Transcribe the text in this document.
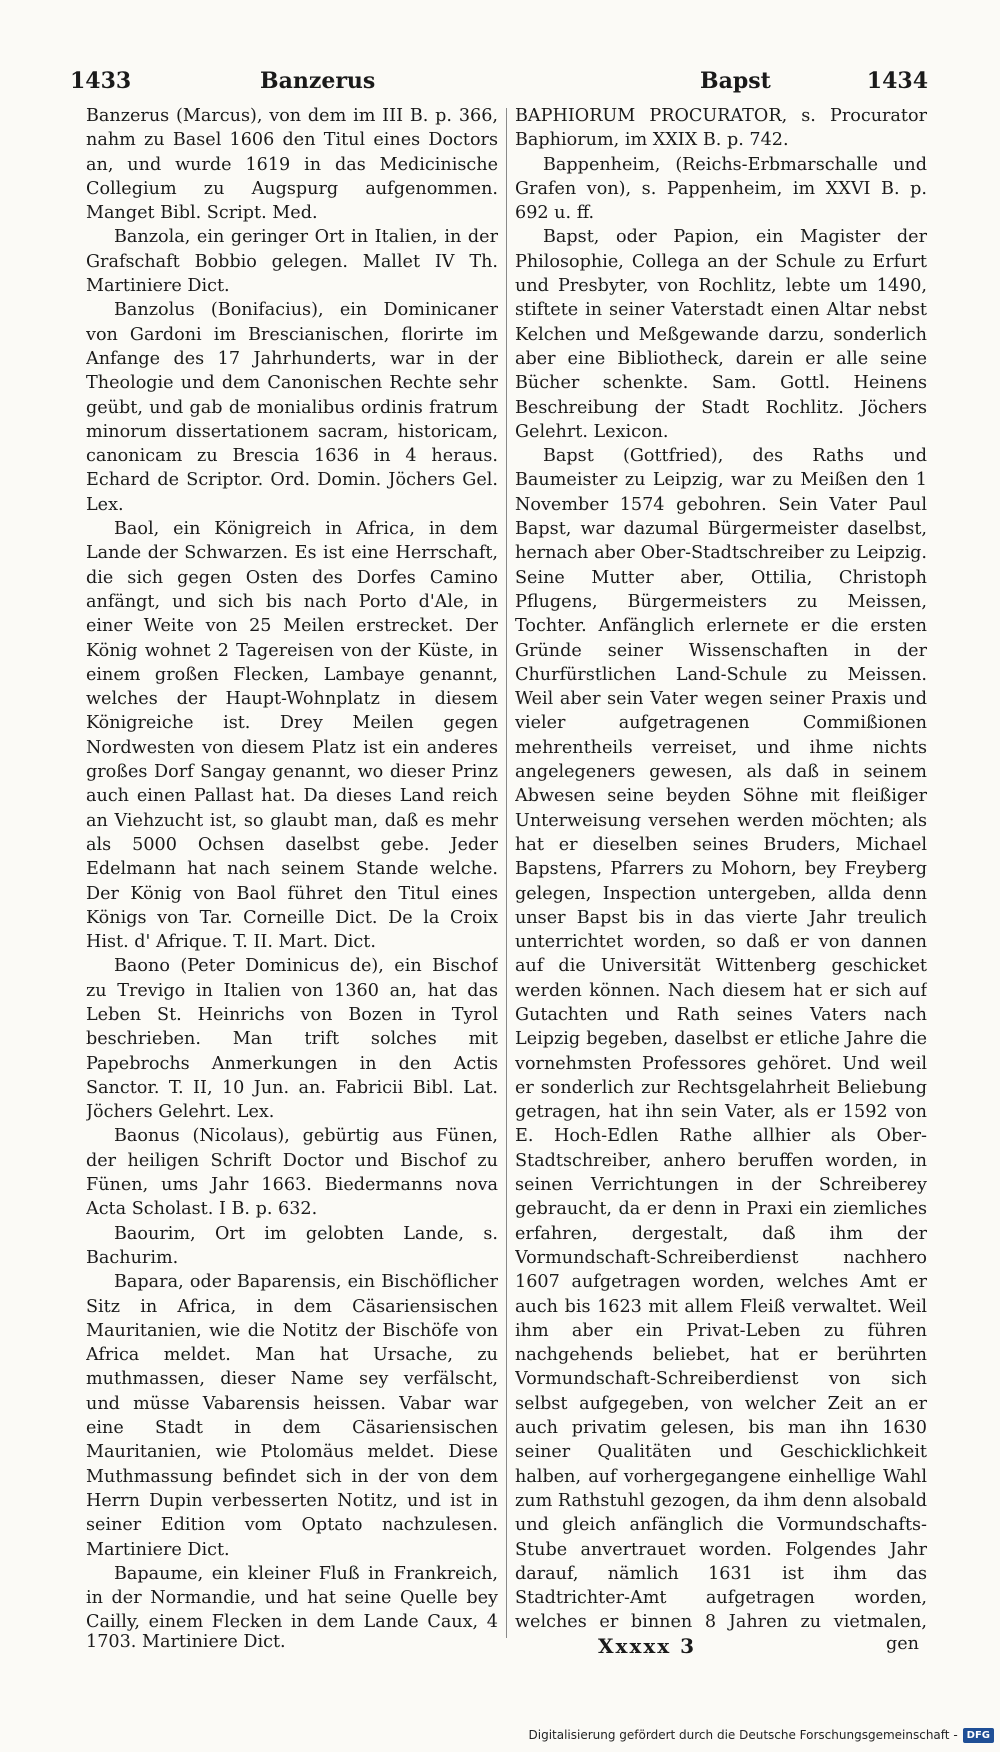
1433	Banzerus	Bapst	1434

Banzerus (Marcus), von dem im III B. p. 366, nahm zu Basel 1606 den Titul eines Doctors an, und wurde 1619 in das Medicinische Collegium zu Augspurg aufgenommen. Manget Bibl. Script. Med.

Banzola, ein geringer Ort in Italien, in der Grafschaft Bobbio gelegen. Mallet IV Th. Martiniere Dict.

Banzolus (Bonifacius), ein Dominicaner von Gardoni im Brescianischen, florirte im Anfange des 17 Jahrhunderts, war in der Theologie und dem Canonischen Rechte sehr geübt, und gab de monialibus ordinis fratrum minorum dissertationem sacram, historicam, canonicam zu Brescia 1636 in 4 heraus. Echard de Scriptor. Ord. Domin. Jöchers Gel. Lex.

Baol, ein Königreich in Africa, in dem Lande der Schwarzen. Es ist eine Herrschaft, die sich gegen Osten des Dorfes Camino anfängt, und sich bis nach Porto d'Ale, in einer Weite von 25 Meilen erstrecket. Der König wohnet 2 Tagereisen von der Küste, in einem großen Flecken, Lambaye genannt, welches der Haupt-Wohnplatz in diesem Königreiche ist. Drey Meilen gegen Nordwesten von diesem Platz ist ein anderes großes Dorf Sangay genannt, wo dieser Prinz auch einen Pallast hat. Da dieses Land reich an Viehzucht ist, so glaubt man, daß es mehr als 5000 Ochsen daselbst gebe. Jeder Edelmann hat nach seinem Stande welche. Der König von Baol führet den Titul eines Königs von Tar. Corneille Dict. De la Croix Hist. d' Afrique. T. II. Mart. Dict.

Baono (Peter Dominicus de), ein Bischof zu Trevigo in Italien von 1360 an, hat das Leben St. Heinrichs von Bozen in Tyrol beschrieben. Man trift solches mit Papebrochs Anmerkungen in den Actis Sanctor. T. II, 10 Jun. an. Fabricii Bibl. Lat. Jöchers Gelehrt. Lex.

Baonus (Nicolaus), gebürtig aus Fünen, der heiligen Schrift Doctor und Bischof zu Fünen, ums Jahr 1663. Biedermanns nova Acta Scholast. I B. p. 632.

Baourim, Ort im gelobten Lande, s. Bachurim.

Bapara, oder Baparensis, ein Bischöflicher Sitz in Africa, in dem Cäsariensischen Mauritanien, wie die Notitz der Bischöfe von Africa meldet. Man hat Ursache, zu muthmassen, dieser Name sey verfälscht, und müsse Vabarensis heissen. Vabar war eine Stadt in dem Cäsariensischen Mauritanien, wie Ptolomäus meldet. Diese Muthmassung befindet sich in der von dem Herrn Dupin verbesserten Notitz, und ist in seiner Edition vom Optato nachzulesen. Martiniere Dict.

Bapaume, ein kleiner Fluß in Frankreich, in der Normandie, und hat seine Quelle bey Cailly, einem Flecken in dem Lande Caux, 4

BAPHIORUM PROCURATOR, s. Procurator Baphiorum, im XXIX B. p. 742.

Bappenheim, (Reichs-Erbmarschalle und Grafen von), s. Pappenheim, im XXVI B. p. 692 u. ff.

Bapst, oder Papion, ein Magister der Philosophie, Collega an der Schule zu Erfurt und Presbyter, von Rochlitz, lebte um 1490, stiftete in seiner Vaterstadt einen Altar nebst Kelchen und Meßgewande darzu, sonderlich aber eine Bibliotheck, darein er alle seine Bücher schenkte. Sam. Gottl. Heinens Beschreibung der Stadt Rochlitz. Jöchers Gelehrt. Lexicon.

Bapst (Gottfried), des Raths und Baumeister zu Leipzig, war zu Meißen den 1 November 1574 gebohren. Sein Vater Paul Bapst, war dazumal Bürgermeister daselbst, hernach aber Ober-Stadtschreiber zu Leipzig. Seine Mutter aber, Ottilia, Christoph Pflugens, Bürgermeisters zu Meissen, Tochter. Anfänglich erlernete er die ersten Gründe seiner Wissenschaften in der Churfürstlichen Land-Schule zu Meissen. Weil aber sein Vater wegen seiner Praxis und vieler aufgetragenen Commißionen mehrentheils verreiset, und ihme nichts angelegeners gewesen, als daß in seinem Abwesen seine beyden Söhne mit fleißiger Unterweisung versehen werden möchten; als hat er dieselben seines Bruders, Michael Bapstens, Pfarrers zu Mohorn, bey Freyberg gelegen, Inspection untergeben, allda denn unser Bapst bis in das vierte Jahr treulich unterrichtet worden, so daß er von dannen auf die Universität Wittenberg geschicket werden können. Nach diesem hat er sich auf Gutachten und Rath seines Vaters nach Leipzig begeben, daselbst er etliche Jahre die vornehmsten Professores gehöret. Und weil er sonderlich zur Rechtsgelahrheit Beliebung getragen, hat ihn sein Vater, als er 1592 von E. Hoch-Edlen Rathe allhier als Ober-Stadtschreiber, anhero beruffen worden, in seinen Verrichtungen in der Schreiberey gebraucht, da er denn in Praxi ein ziemliches erfahren, dergestalt, daß ihm der Vormundschaft-Schreiberdienst nachhero 1607 aufgetragen worden, welches Amt er auch bis 1623 mit allem Fleiß verwaltet. Weil ihm aber ein Privat-Leben zu führen nachgehends beliebet, hat er berührten Vormundschaft-Schreiberdienst von sich selbst aufgegeben, von welcher Zeit an er auch privatim gelesen, bis man ihn 1630 seiner Qualitäten und Geschicklichkeit halben, auf vorhergegangene einhellige Wahl zum Rathstuhl gezogen, da ihm denn alsobald und gleich anfänglich die Vormundschafts-Stube anvertrauet worden. Folgendes Jahr darauf, nämlich 1631 ist ihm das Stadtrichter-Amt aufgetragen worden, welches er binnen 8 Jahren zu vietmalen,

1703. Martiniere Dict.	Xxxxx 3	gen
Digitalisierung gefördert durch die Deutsche Forschungsgemeinschaft - DFG
